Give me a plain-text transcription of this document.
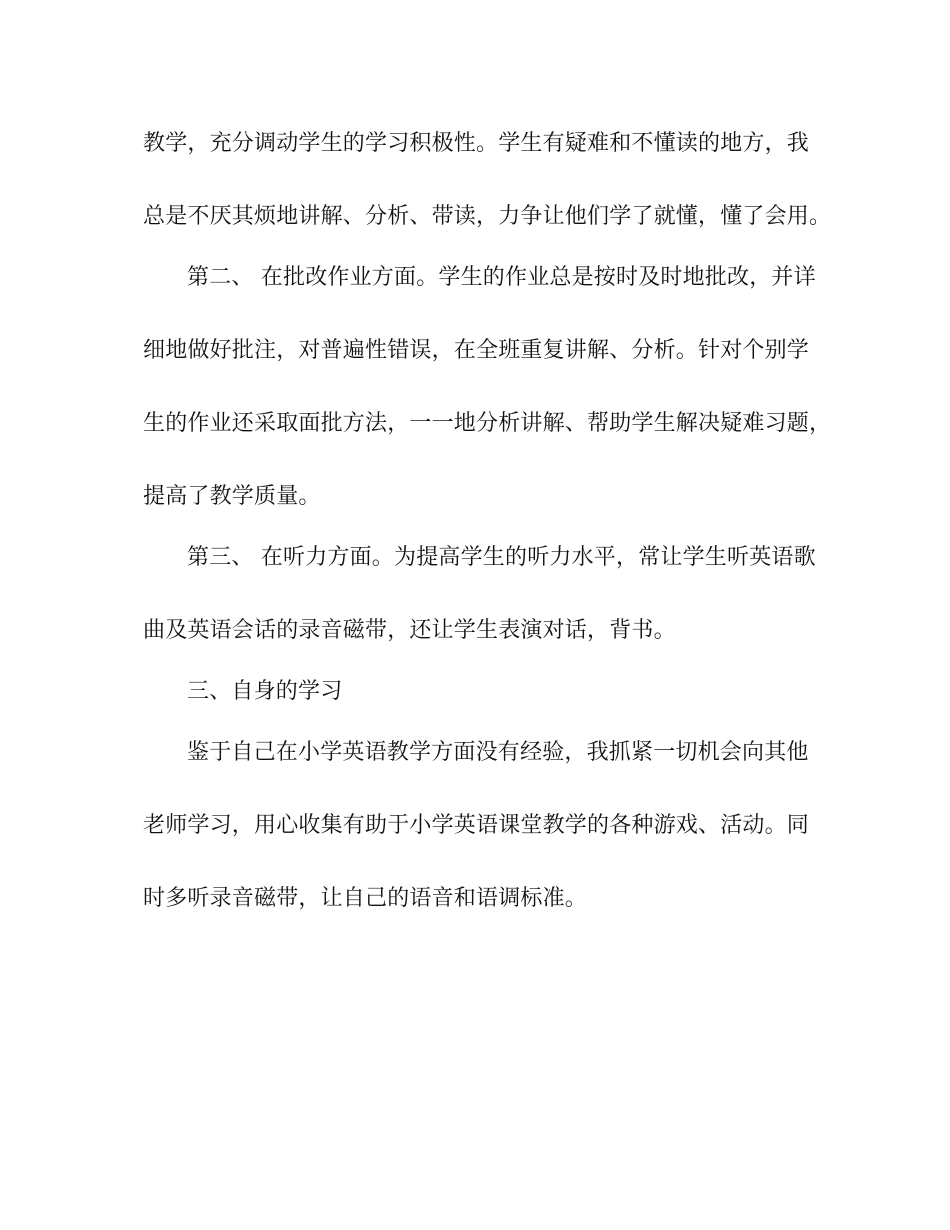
教学，充分调动学生的学习积极性。学生有疑难和不懂读的地方，我
总是不厌其烦地讲解、分析、带读，力争让他们学了就懂，懂了会用。
第二、 在批改作业方面。学生的作业总是按时及时地批改，并详
细地做好批注，对普遍性错误，在全班重复讲解、分析。针对个别学
生的作业还采取面批方法，一一地分析讲解、帮助学生解决疑难习题，
提高了教学质量。
第三、 在听力方面。为提高学生的听力水平，常让学生听英语歌
曲及英语会话的录音磁带，还让学生表演对话，背书。
三、自身的学习
鉴于自己在小学英语教学方面没有经验，我抓紧一切机会向其他
老师学习，用心收集有助于小学英语课堂教学的各种游戏、活动。同
时多听录音磁带，让自己的语音和语调标准。
